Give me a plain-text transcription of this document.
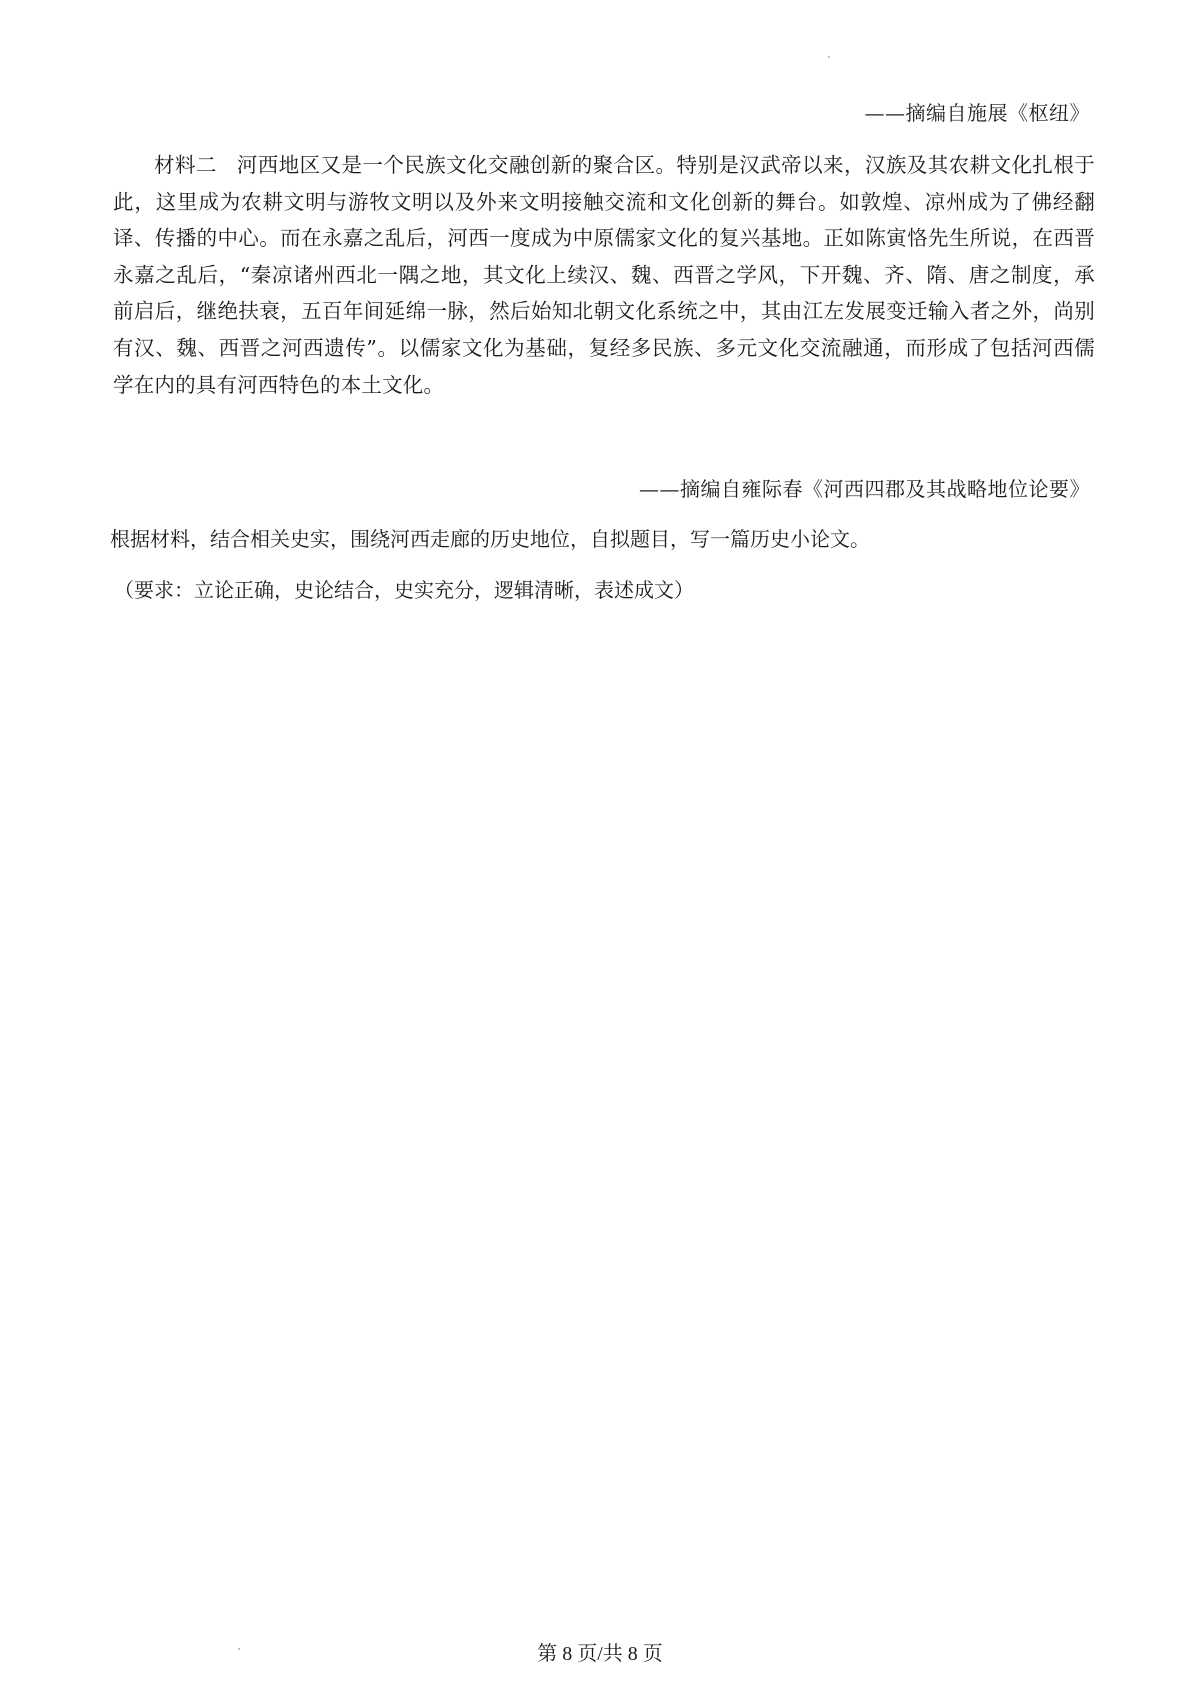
——摘编自施展《枢纽》

材料二 河西地区又是一个民族文化交融创新的聚合区。特别是汉武帝以来，汉族及其农耕文化扎根于此，这里成为农耕文明与游牧文明以及外来文明接触交流和文化创新的舞台。如敦煌、凉州成为了佛经翻译、传播的中心。而在永嘉之乱后，河西一度成为中原儒家文化的复兴基地。正如陈寅恪先生所说，在西晋永嘉之乱后，“秦凉诸州西北一隅之地，其文化上续汉、魏、西晋之学风，下开魏、齐、隋、唐之制度，承前启后，继绝扶衰，五百年间延绵一脉，然后始知北朝文化系统之中，其由江左发展变迁输入者之外，尚别有汉、魏、西晋之河西遗传”。以儒家文化为基础，复经多民族、多元文化交流融通，而形成了包括河西儒学在内的具有河西特色的本土文化。

——摘编自雍际春《河西四郡及其战略地位论要》
根据材料，结合相关史实，围绕河西走廊的历史地位，自拟题目，写一篇历史小论文。
（要求：立论正确，史论结合，史实充分，逻辑清晰，表述成文）
第 8 页/共 8 页
